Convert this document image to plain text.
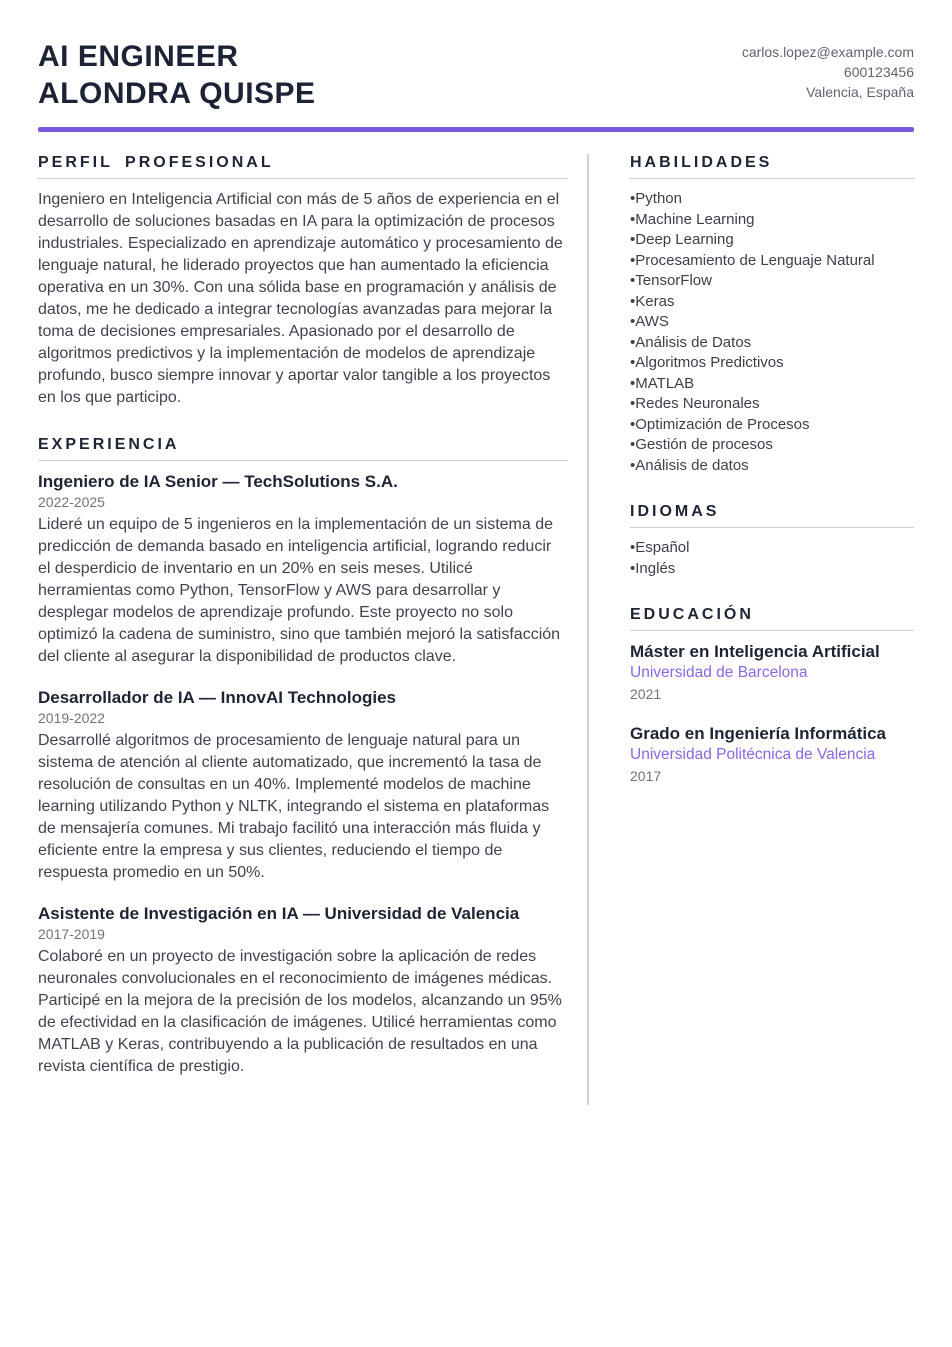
AI ENGINEER
ALONDRA QUISPE
carlos.lopez@example.com
600123456
Valencia, España
PERFIL PROFESIONAL

Ingeniero en Inteligencia Artificial con más de 5 años de experiencia en el desarrollo de soluciones basadas en IA para la optimización de procesos industriales. Especializado en aprendizaje automático y procesamiento de lenguaje natural, he liderado proyectos que han aumentado la eficiencia operativa en un 30%. Con una sólida base en programación y análisis de datos, me he dedicado a integrar tecnologías avanzadas para mejorar la toma de decisiones empresariales. Apasionado por el desarrollo de algoritmos predictivos y la implementación de modelos de aprendizaje profundo, busco siempre innovar y aportar valor tangible a los proyectos en los que participo.

EXPERIENCIA
Ingeniero de IA Senior — TechSolutions S.A.
2022-2025

Lideré un equipo de 5 ingenieros en la implementación de un sistema de predicción de demanda basado en inteligencia artificial, logrando reducir el desperdicio de inventario en un 20% en seis meses. Utilicé herramientas como Python, TensorFlow y AWS para desarrollar y desplegar modelos de aprendizaje profundo. Este proyecto no solo optimizó la cadena de suministro, sino que también mejoró la satisfacción del cliente al asegurar la disponibilidad de productos clave.

Desarrollador de IA — InnovAI Technologies
2019-2022

Desarrollé algoritmos de procesamiento de lenguaje natural para un sistema de atención al cliente automatizado, que incrementó la tasa de resolución de consultas en un 40%. Implementé modelos de machine learning utilizando Python y NLTK, integrando el sistema en plataformas de mensajería comunes. Mi trabajo facilitó una interacción más fluida y eficiente entre la empresa y sus clientes, reduciendo el tiempo de respuesta promedio en un 50%.

Asistente de Investigación en IA — Universidad de Valencia
2017-2019

Colaboré en un proyecto de investigación sobre la aplicación de redes neuronales convolucionales en el reconocimiento de imágenes médicas. Participé en la mejora de la precisión de los modelos, alcanzando un 95% de efectividad en la clasificación de imágenes. Utilicé herramientas como MATLAB y Keras, contribuyendo a la publicación de resultados en una revista científica de prestigio.

HABILIDADES
• Python
• Machine Learning
• Deep Learning
• Procesamiento de Lenguaje Natural
• TensorFlow
• Keras
• AWS
• Análisis de Datos
• Algoritmos Predictivos
• MATLAB
• Redes Neuronales
• Optimización de Procesos
• Gestión de procesos
• Análisis de datos
IDIOMAS
• Español
• Inglés
EDUCACIÓN
Máster en Inteligencia Artificial
Universidad de Barcelona
2021
Grado en Ingeniería Informática
Universidad Politécnica de Valencia
2017
